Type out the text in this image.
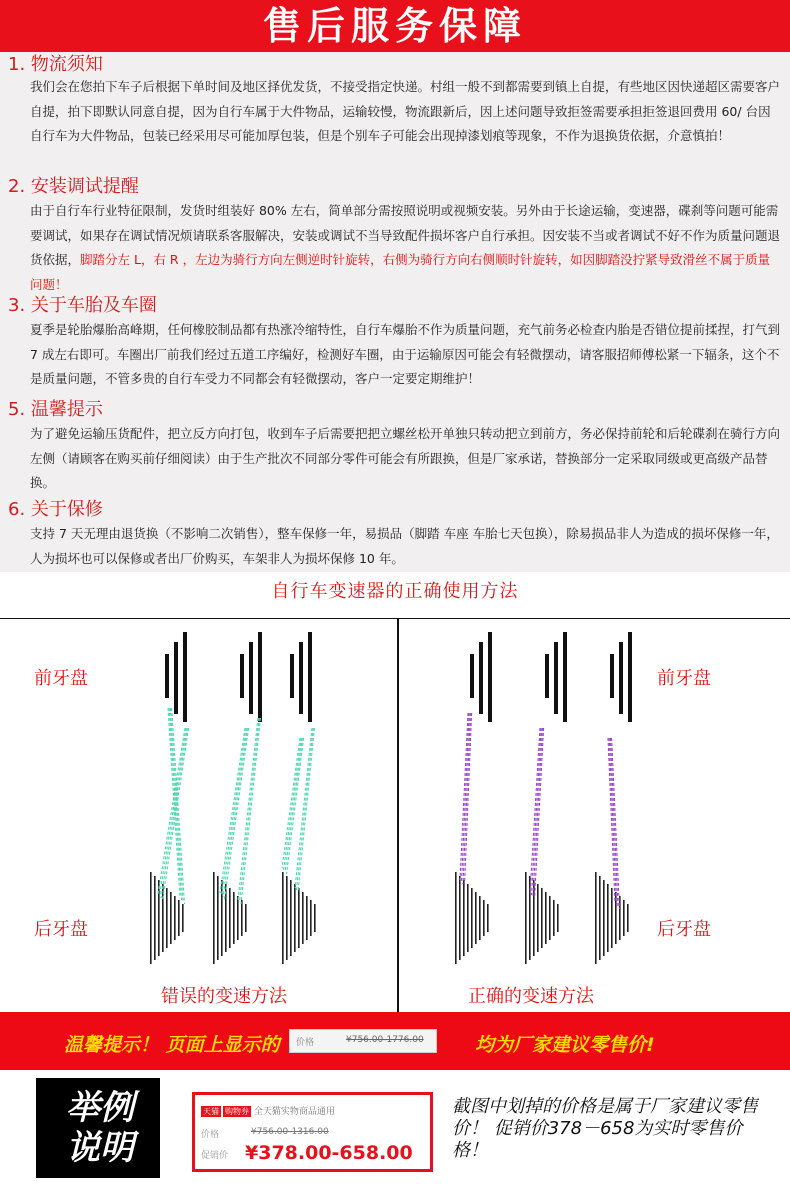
售后服务保障
1. 物流须知
我们会在您拍下车子后根据下单时间及地区择优发货，不接受指定快递。村组一般不到都需要到镇上自提，有些地区因快递超区需要客户自提，拍下即默认同意自提，因为自行车属于大件物品，运输较慢，物流跟新后，因上述问题导致拒签需要承担拒签退回费用 60/ 台因自行车为大件物品，包装已经采用尽可能加厚包装，但是个别车子可能会出现掉漆划痕等现象，不作为退换货依据，介意慎拍！
2. 安装调试提醒
由于自行车行业特征限制，发货时组装好 80% 左右，简单部分需按照说明或视频安装。另外由于长途运输，变速器，碟刹等问题可能需要调试，如果存在调试情况烦请联系客服解决，安装或调试不当导致配件损坏客户自行承担。因安装不当或者调试不好不作为质量问题退货依据，脚踏分左 L，右 R ，左边为骑行方向左侧逆时针旋转，右侧为骑行方向右侧顺时针旋转，如因脚踏没拧紧导致滑丝不属于质量问题！
3. 关于车胎及车圈
夏季是轮胎爆胎高峰期，任何橡胶制品都有热涨冷缩特性，自行车爆胎不作为质量问题，充气前务必检查内胎是否错位提前揉捏，打气到 7 成左右即可。车圈出厂前我们经过五道工序编好，检测好车圈，由于运输原因可能会有轻微摆动，请客服招师傅松紧一下辐条，这个不是质量问题，不管多贵的自行车受力不同都会有轻微摆动，客户一定要定期维护！
5. 温馨提示
为了避免运输压货配件，把立反方向打包，收到车子后需要把把立螺丝松开单独只转动把立到前方，务必保持前轮和后轮碟刹在骑行方向左侧（请顾客在购买前仔细阅读）由于生产批次不同部分零件可能会有所跟换，但是厂家承诺，替换部分一定采取同级或更高级产品替换。
6. 关于保修
支持 7 天无理由退货换（不影响二次销售），整车保修一年，易损品（脚踏 车座 车胎七天包换），除易损品非人为造成的损坏保修一年，人为损坏也可以保修或者出厂价购买，车架非人为损坏保修 10 年。
自行车变速器的正确使用方法
前牙盘
后牙盘
错误的变速方法
前牙盘
后牙盘
正确的变速方法
温馨提示！ 页面上显示的 价格	¥756.00-1776.00	均为厂家建议零售价!
举例
说明
天猫 购物券 全天猫实物商品通用
价格	¥756.00-1316.00
促销价 ¥378.00-658.00
截图中划掉的价格是属于厂家建议零售价！ 促销价378－658为实时零售价格！
